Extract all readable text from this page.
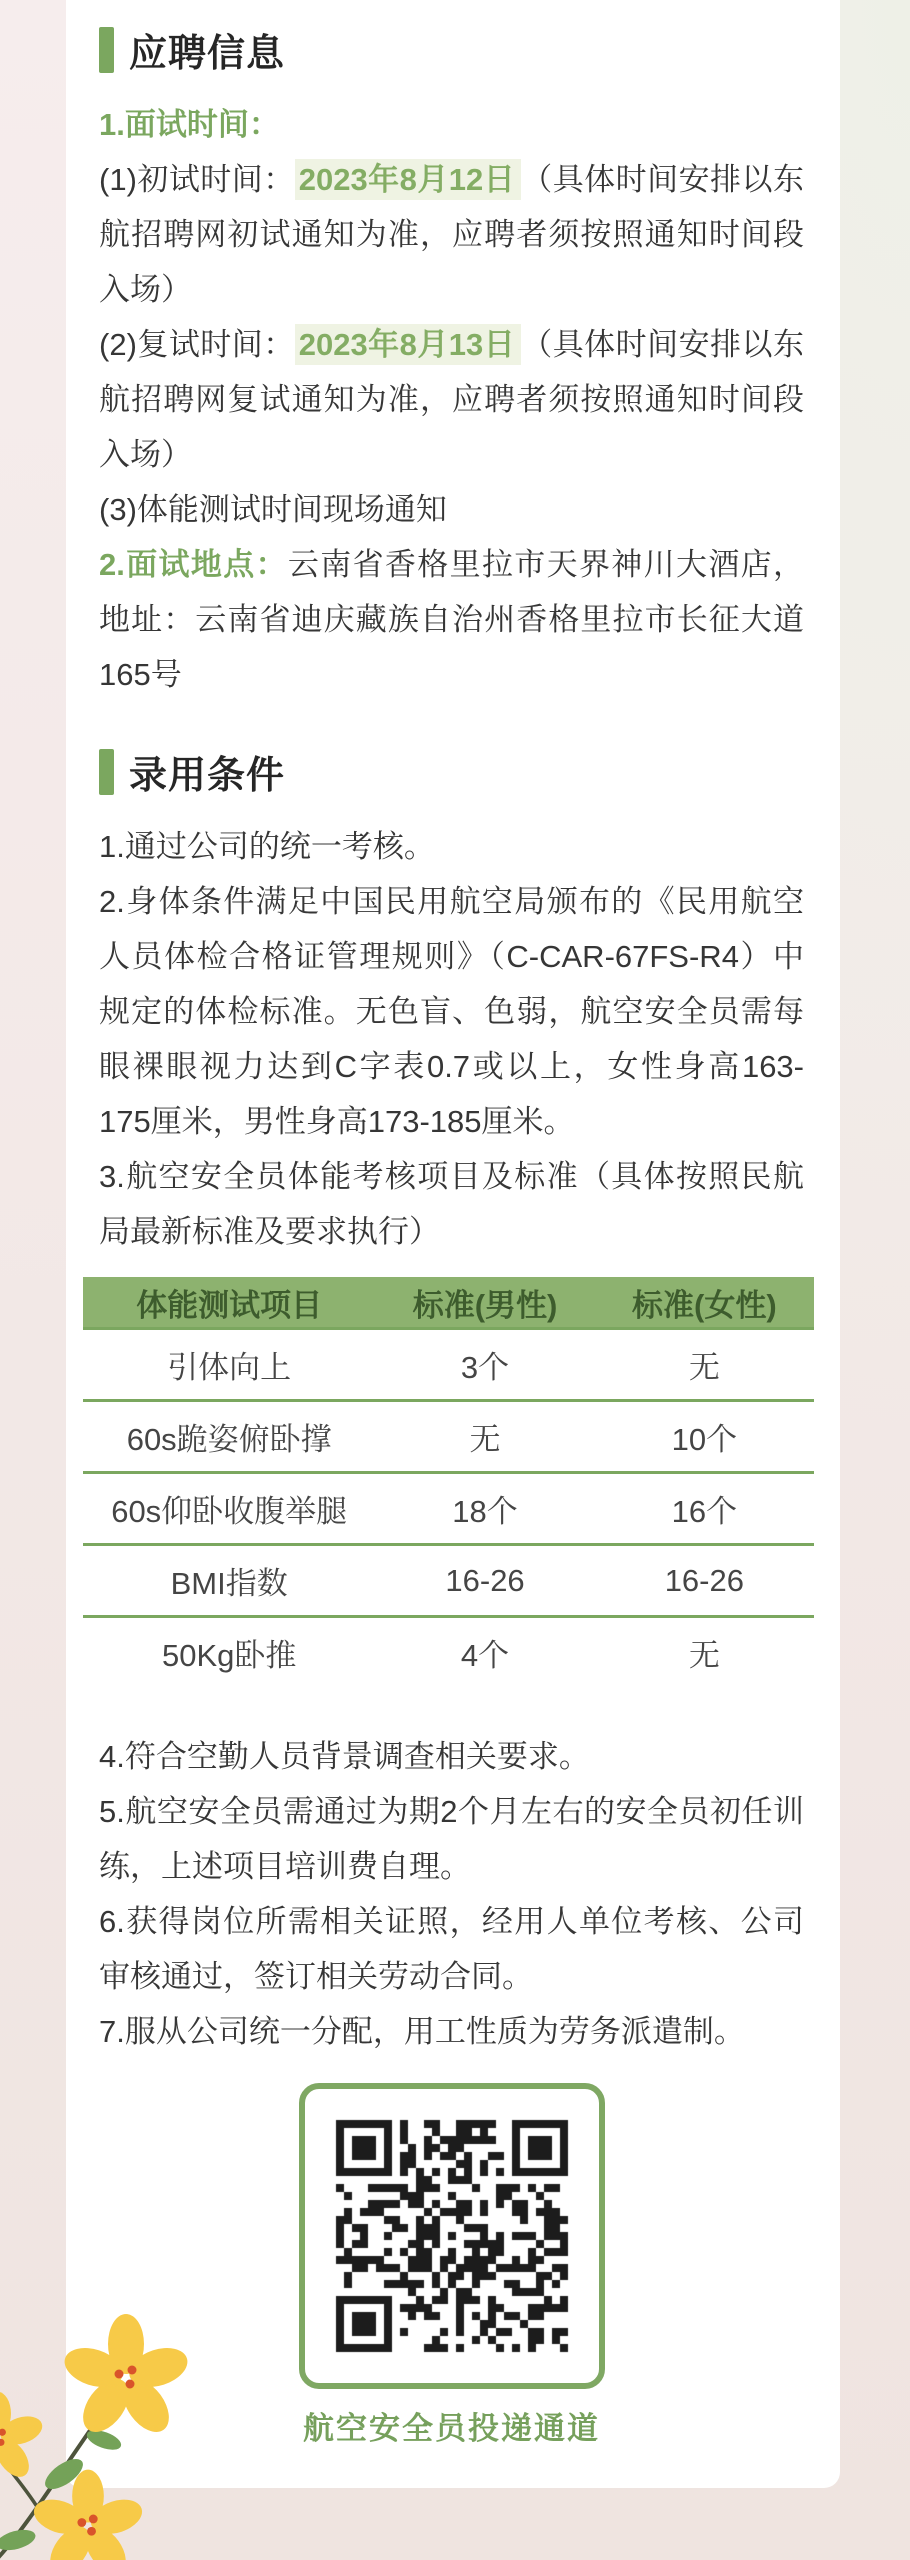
应聘信息

1.面试时间：

(1)初试时间： 2023年8月12日 （具体时间安排以东航招聘网初试通知为准，应聘者须按照通知时间段入场）

(2)复试时间： 2023年8月13日 （具体时间安排以东航招聘网复试通知为准，应聘者须按照通知时间段入场）

(3)体能测试时间现场通知

2.面试地点：云南省香格里拉市天界神川大酒店，地址：云南省迪庆藏族自治州香格里拉市长征大道165号

录用条件

1.通过公司的统一考核。

2.身体条件满足中国民用航空局颁布的《民用航空人员体检合格证管理规则》（C-CAR-67FS-R4）中规定的体检标准。无色盲、色弱，航空安全员需每眼裸眼视力达到C字表0.7或以上，女性身高163-175厘米，男性身高173-185厘米。

3.航空安全员体能考核项目及标准（具体按照民航局最新标准及要求执行）

体能测试项目	标准(男性)	标准(女性)
引体向上	3个	无
60s跪姿俯卧撑	无	10个
60s仰卧收腹举腿	18个	16个
BMI指数	16-26	16-26
50Kg卧推	4个	无

4.符合空勤人员背景调查相关要求。

5.航空安全员需通过为期2个月左右的安全员初任训练，上述项目培训费自理。

6.获得岗位所需相关证照，经用人单位考核、公司审核通过，签订相关劳动合同。

7.服从公司统一分配，用工性质为劳务派遣制。

航空安全员投递通道
